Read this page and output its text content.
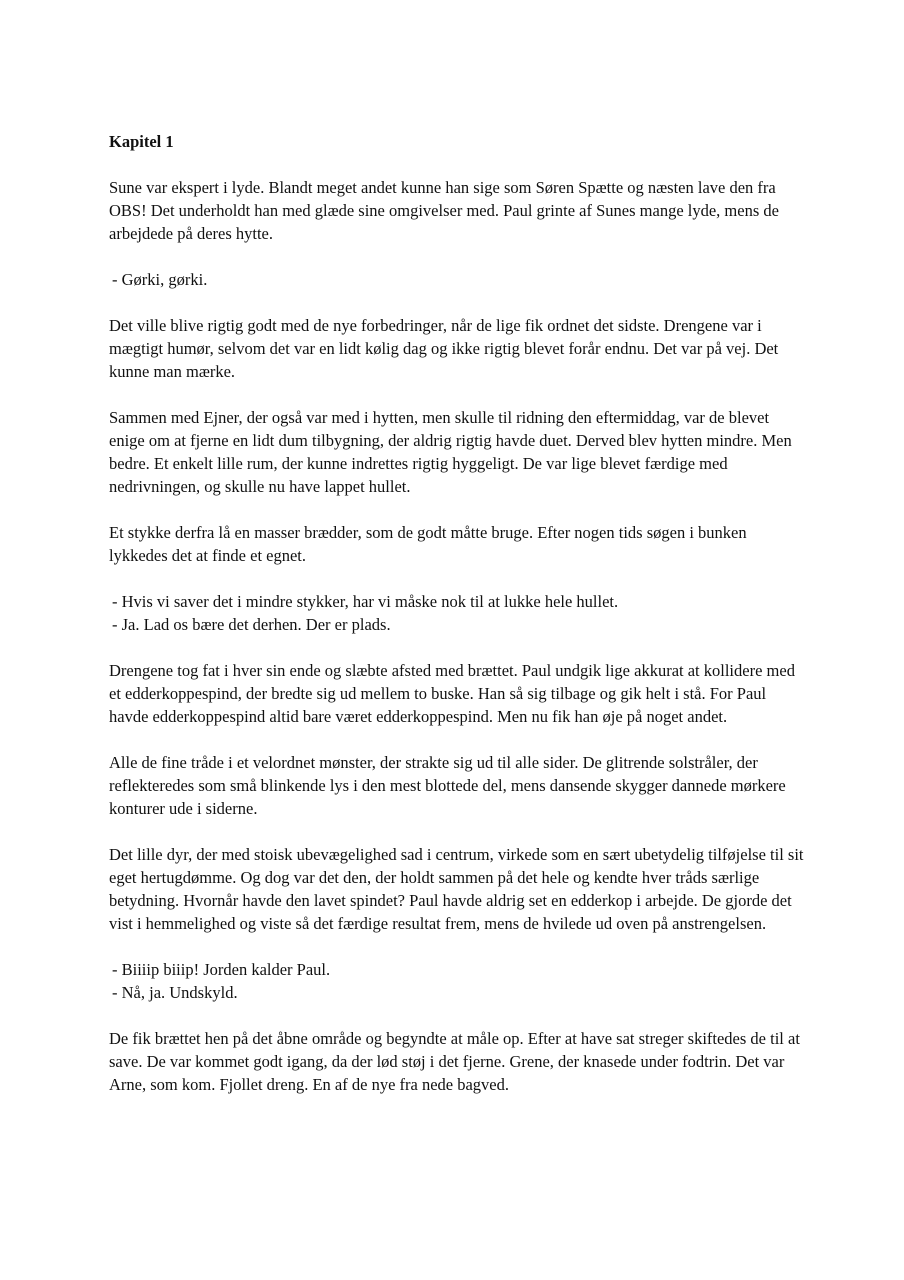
Kapitel 1

Sune var ekspert i lyde. Blandt meget andet kunne han sige som Søren Spætte og næsten lave den fra OBS! Det underholdt han med glæde sine omgivelser med. Paul grinte af Sunes mange lyde, mens de arbejdede på deres hytte.

- Gørki, gørki.

Det ville blive rigtig godt med de nye forbedringer, når de lige fik ordnet det sidste. Drengene var i mægtigt humør, selvom det var en lidt kølig dag og ikke rigtig blevet forår endnu. Det var på vej. Det kunne man mærke.

Sammen med Ejner, der også var med i hytten, men skulle til ridning den eftermiddag, var de blevet enige om at fjerne en lidt dum tilbygning, der aldrig rigtig havde duet. Derved blev hytten mindre. Men bedre. Et enkelt lille rum, der kunne indrettes rigtig hyggeligt. De var lige blevet færdige med nedrivningen, og skulle nu have lappet hullet.

Et stykke derfra lå en masser brædder, som de godt måtte bruge. Efter nogen tids søgen i bunken lykkedes det at finde et egnet.

- Hvis vi saver det i mindre stykker, har vi måske nok til at lukke hele hullet.
- Ja. Lad os bære det derhen. Der er plads.

Drengene tog fat i hver sin ende og slæbte afsted med brættet. Paul undgik lige akkurat at kollidere med et edderkoppespind, der bredte sig ud mellem to buske. Han så sig tilbage og gik helt i stå. For Paul havde edderkoppespind altid bare været edderkoppespind. Men nu fik han øje på noget andet.

Alle de fine tråde i et velordnet mønster, der strakte sig ud til alle sider. De glitrende solstråler, der reflekteredes som små blinkende lys i den mest blottede del, mens dansende skygger dannede mørkere konturer ude i siderne.

Det lille dyr, der med stoisk ubevægelighed sad i centrum, virkede som en sært ubetydelig tilføjelse til sit eget hertugdømme. Og dog var det den, der holdt sammen på det hele og kendte hver tråds særlige betydning. Hvornår havde den lavet spindet? Paul havde aldrig set en edderkop i arbejde. De gjorde det vist i hemmelighed og viste så det færdige resultat frem, mens de hvilede ud oven på anstrengelsen.

- Biiiip biiip! Jorden kalder Paul.
- Nå, ja. Undskyld.

De fik brættet hen på det åbne område og begyndte at måle op. Efter at have sat streger skiftedes de til at save. De var kommet godt igang, da der lød støj i det fjerne. Grene, der knasede under fodtrin. Det var Arne, som kom. Fjollet dreng. En af de nye fra nede bagved.
